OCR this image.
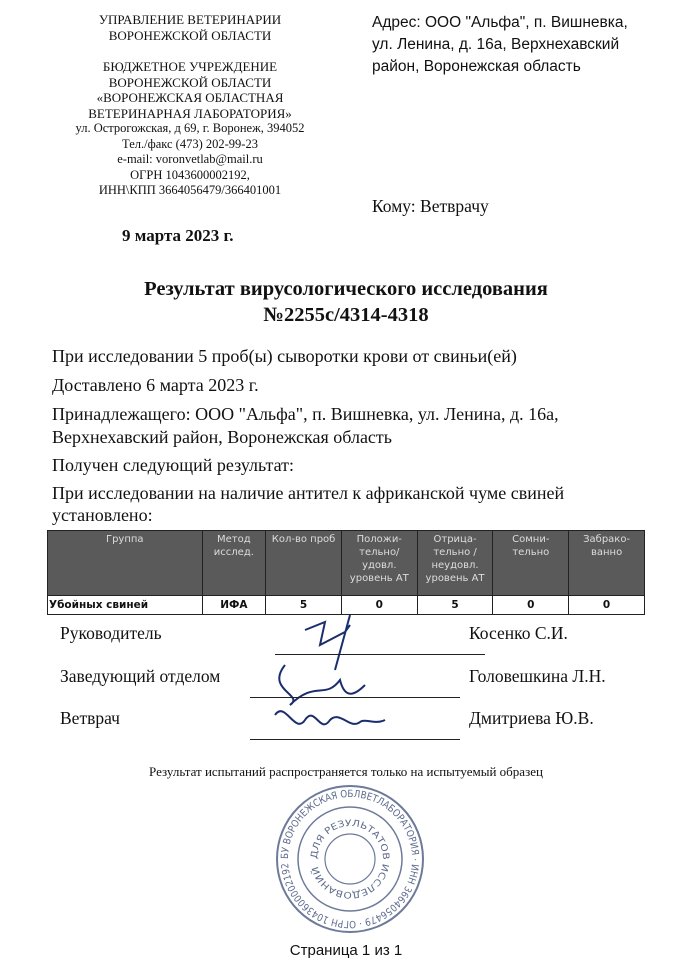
УПРАВЛЕНИЕ ВЕТЕРИНАРИИ
ВОРОНЕЖСКОЙ ОБЛАСТИ
БЮДЖЕТНОЕ УЧРЕЖДЕНИЕ
ВОРОНЕЖСКОЙ ОБЛАСТИ
«ВОРОНЕЖСКАЯ ОБЛАСТНАЯ
ВЕТЕРИНАРНАЯ ЛАБОРАТОРИЯ»
ул. Острогожская, д 69, г. Воронеж, 394052
Тел./факс (473) 202-99-23
e-mail: voronvetlab@mail.ru
ОГРН 1043600002192,
ИНН\КПП 3664056479/366401001
Адрес: ООО "Альфа", п. Вишневка,
ул. Ленина, д. 16а, Верхнехавский
район, Воронежская область
Кому: Ветврачу
9 марта 2023 г.
Результат вирусологического исследования
№2255с/4314-4318
При исследовании 5 проб(ы) сыворотки крови от свиньи(ей)
Доставлено 6 марта 2023 г.
Принадлежащего: ООО "Альфа", п. Вишневка, ул. Ленина, д. 16а,
Верхнехавский район, Воронежская область
Получен следующий результат:
При исследовании на наличие антител к африканской чуме свиней
установлено:
Группа	Метод исслед.	Кол-во проб	Положи-тельно/ удовл. уровень АТ	Отрица-тельно / неудовл. уровень АТ	Сомни-тельно	Забрако-ванно
Убойных свиней	ИФА	5	0	5	0	0
БУ ВОРОНЕЖСКАЯ ОБЛВЕТЛАБОРАТОРИЯ · ИНН 3664056479 · ОГРН 1043600002192
ДЛЯ РЕЗУЛЬТАТОВ ИССЛЕДОВАНИЙ
Руководитель	Косенко С.И.
Заведующий отделом	Головешкина Л.Н.
Ветврач	Дмитриева Ю.В.
Результат испытаний распространяется только на испытуемый образец
Страница 1 из 1
